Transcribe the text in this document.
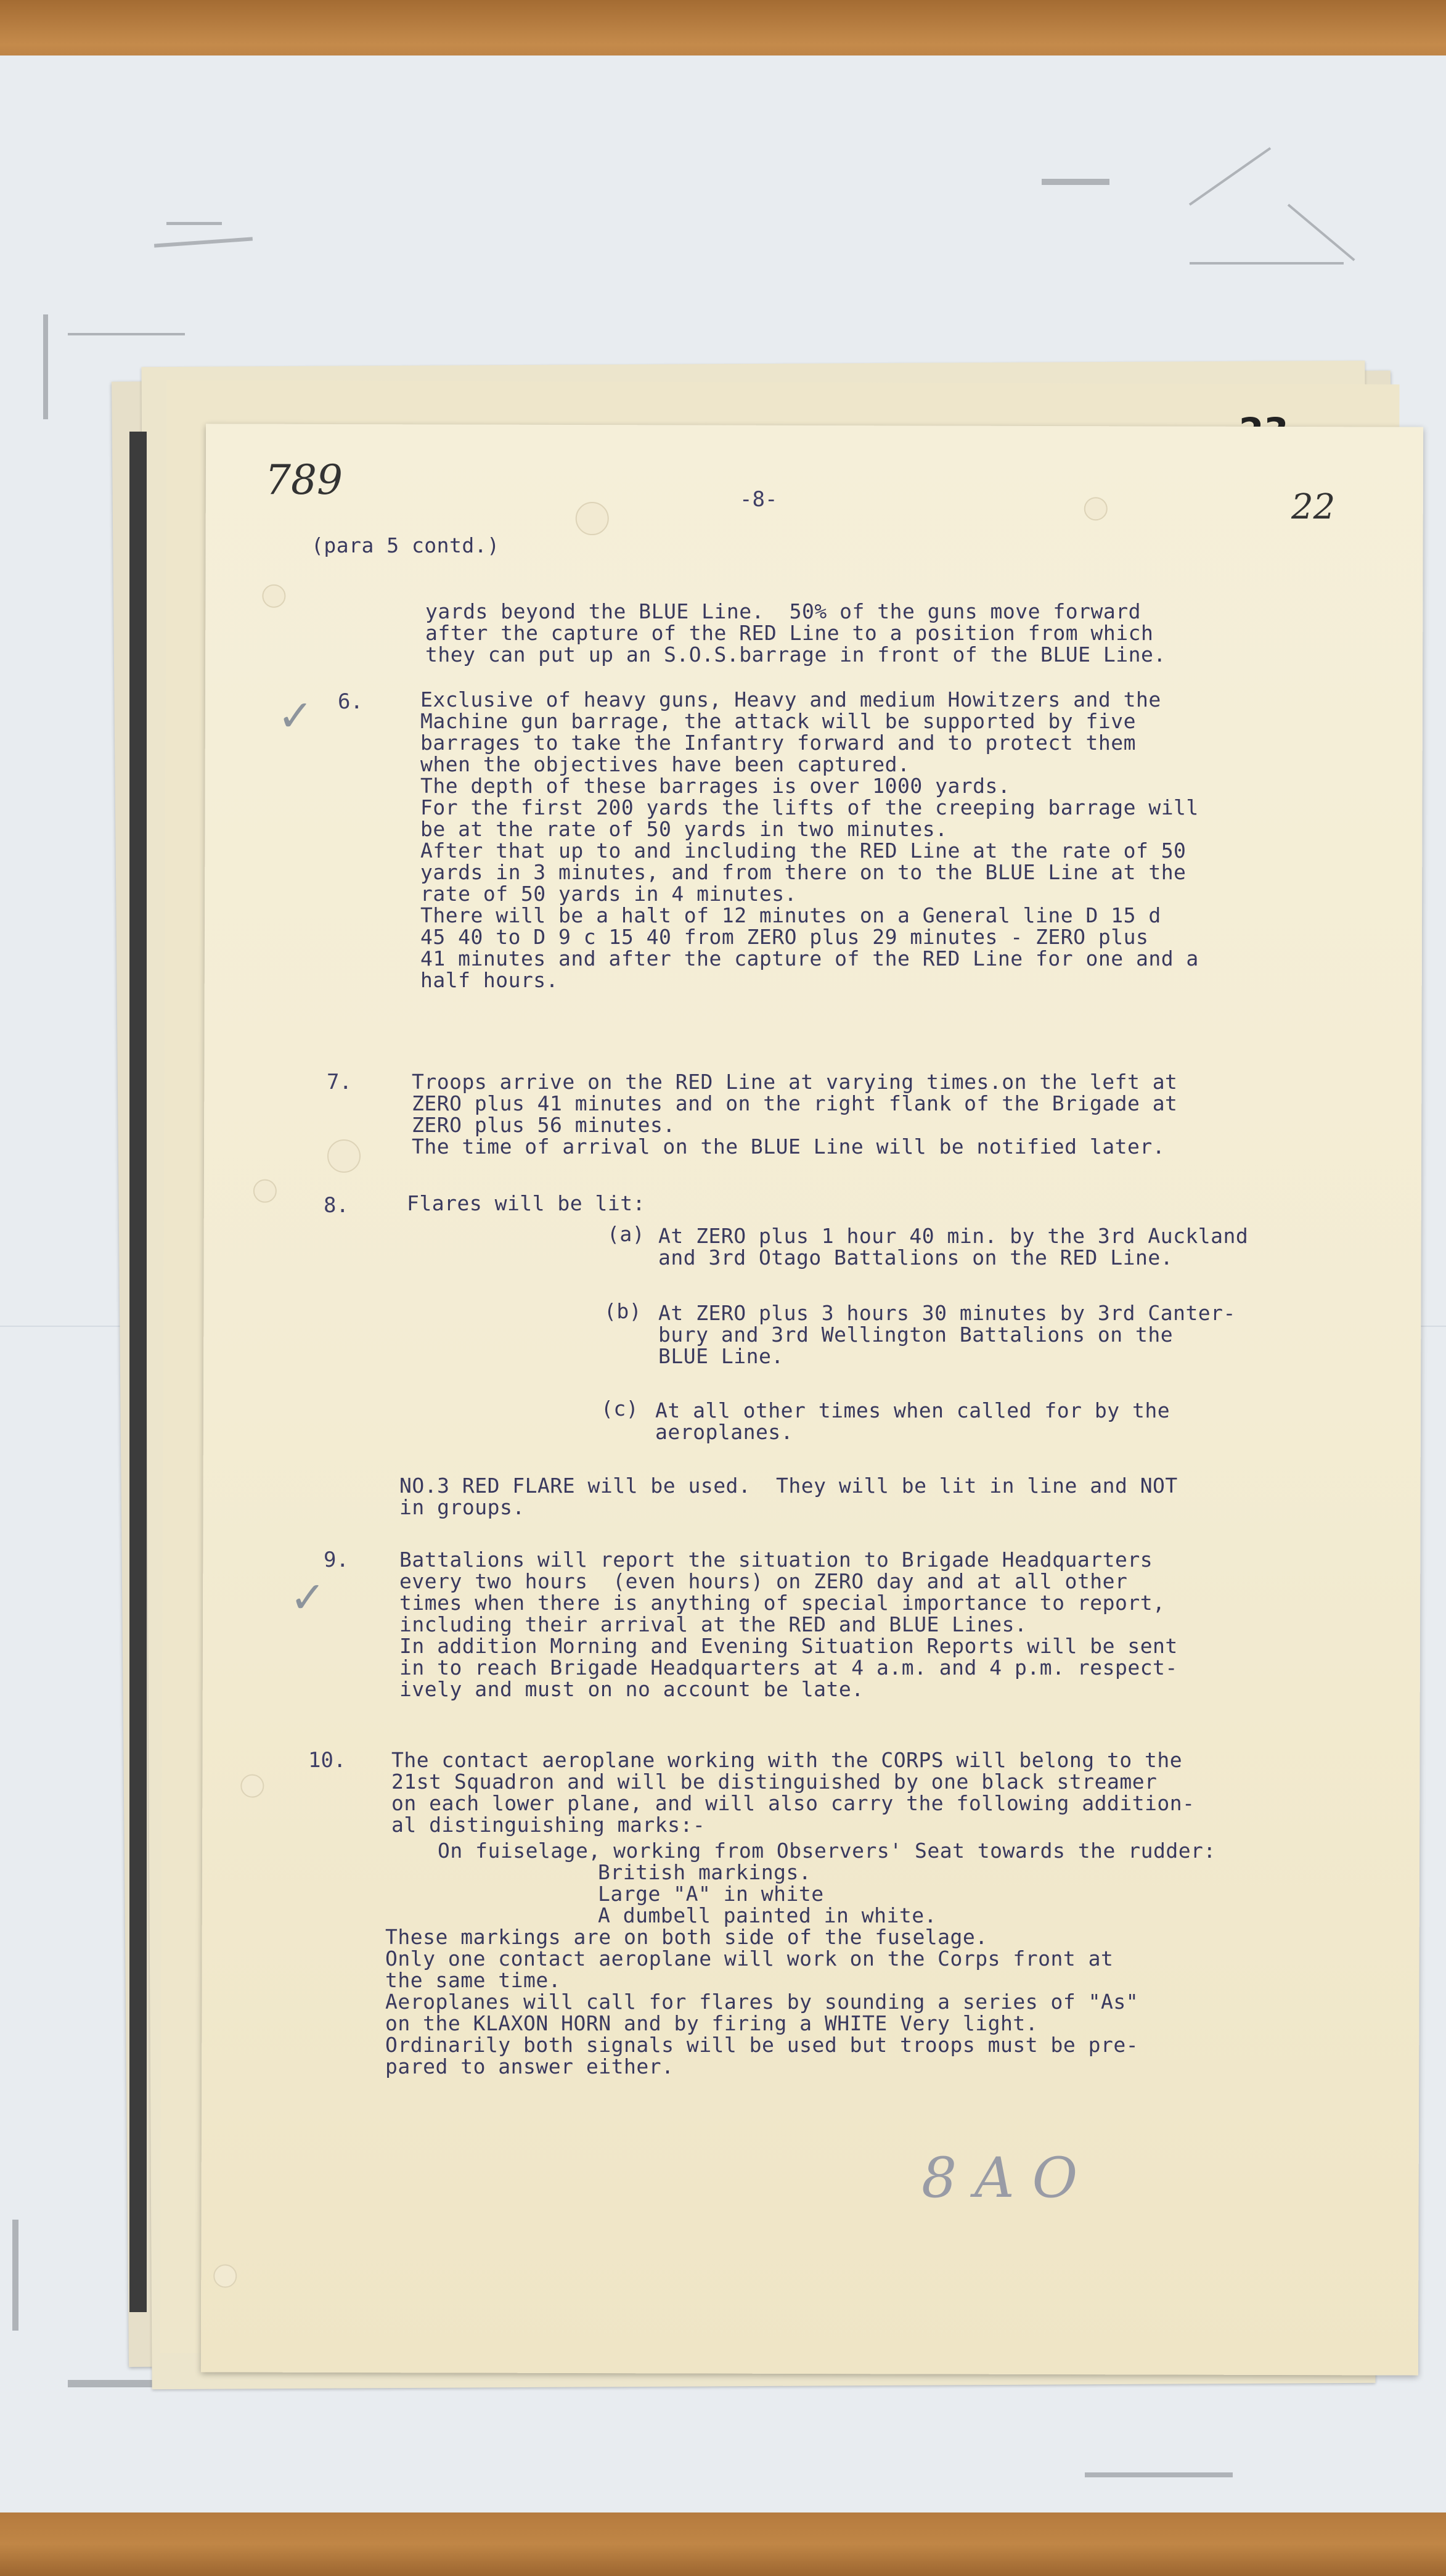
789	-8-	22
(para 5 contd.)
yards beyond the BLUE Line.  50% of the guns move forward
after the capture of the RED Line to a position from which
they can put up an S.O.S.barrage in front of the BLUE Line.
✓ 6.	Exclusive of heavy guns, Heavy and medium Howitzers and the
Machine gun barrage, the attack will be supported by five
barrages to take the Infantry forward and to protect them
when the objectives have been captured.
The depth of these barrages is over 1000 yards.
For the first 200 yards the lifts of the creeping barrage will
be at the rate of 50 yards in two minutes.
After that up to and including the RED Line at the rate of 50
yards in 3 minutes, and from there on to the BLUE Line at the
rate of 50 yards in 4 minutes.
There will be a halt of 12 minutes on a General line D 15 d
45 40 to D 9 c 15 40 from ZERO plus 29 minutes - ZERO plus
41 minutes and after the capture of the RED Line for one and a
half hours.
7.	Troops arrive on the RED Line at varying times.on the left at
ZERO plus 41 minutes and on the right flank of the Brigade at
ZERO plus 56 minutes.
The time of arrival on the BLUE Line will be notified later.
8.	Flares will be lit:
(a) At ZERO plus 1 hour 40 min. by the 3rd Auckland
and 3rd Otago Battalions on the RED Line.
(b) At ZERO plus 3 hours 30 minutes by 3rd Canter-
bury and 3rd Wellington Battalions on the
BLUE Line.
(c) At all other times when called for by the
aeroplanes.
NO.3 RED FLARE will be used.  They will be lit in line and NOT
in groups.
✓
9. Battalions will report the situation to Brigade Headquarters
every two hours  (even hours) on ZERO day and at all other
times when there is anything of special importance to report,
including their arrival at the RED and BLUE Lines.
In addition Morning and Evening Situation Reports will be sent
in to reach Brigade Headquarters at 4 a.m. and 4 p.m. respect-
ively and must on no account be late.
10. The contact aeroplane working with the CORPS will belong to the
21st Squadron and will be distinguished by one black streamer
on each lower plane, and will also carry the following addition-
al distinguishing marks:-
On fuiselage, working from Observers' Seat towards the rudder:
British markings.
Large "A" in white
A dumbell painted in white.
These markings are on both side of the fuselage.
Only one contact aeroplane will work on the Corps front at
the same time.
Aeroplanes will call for flares by sounding a series of "As"
on the KLAXON HORN and by firing a WHITE Very light.
Ordinarily both signals will be used but troops must be pre-
pared to answer either.
8 A O
